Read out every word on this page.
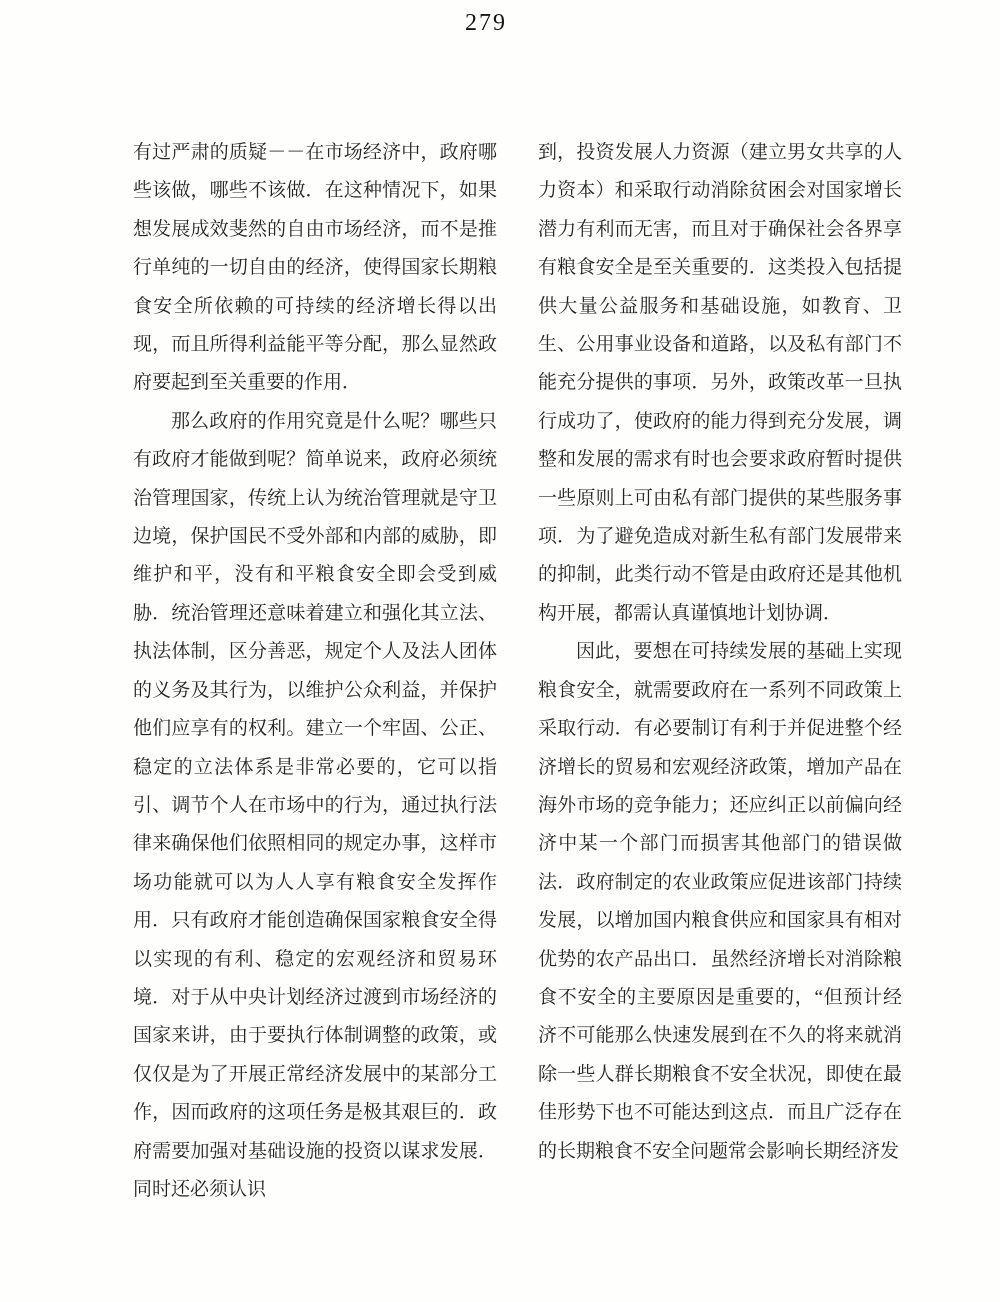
279

有过严肃的质疑－－在市场经济中，政府哪些该做，哪些不该做．在这种情况下，如果想发展成效斐然的自由市场经济，而不是推行单纯的一切自由的经济，使得国家长期粮食安全所依赖的可持续的经济增长得以出现，而且所得利益能平等分配，那么显然政府要起到至关重要的作用．

那么政府的作用究竟是什么呢？哪些只有政府才能做到呢？简单说来，政府必须统治管理国家，传统上认为统治管理就是守卫边境，保护国民不受外部和内部的威胁，即维护和平，没有和平粮食安全即会受到威胁．统治管理还意味着建立和强化其立法、执法体制，区分善恶，规定个人及法人团体的义务及其行为，以维护公众利益，并保护他们应享有的权利。建立一个牢固、公正、稳定的立法体系是非常必要的，它可以指引、调节个人在市场中的行为，通过执行法律来确保他们依照相同的规定办事，这样市场功能就可以为人人享有粮食安全发挥作用．只有政府才能创造确保国家粮食安全得以实现的有利、稳定的宏观经济和贸易环境．对于从中央计划经济过渡到市场经济的国家来讲，由于要执行体制调整的政策，或仅仅是为了开展正常经济发展中的某部分工作，因而政府的这项任务是极其艰巨的．政府需要加强对基础设施的投资以谋求发展．同时还必须认识

到，投资发展人力资源（建立男女共享的人力资本）和采取行动消除贫困会对国家增长潜力有利而无害，而且对于确保社会各界享有粮食安全是至关重要的．这类投入包括提供大量公益服务和基础设施，如教育、卫生、公用事业设备和道路，以及私有部门不能充分提供的事项．另外，政策改革一旦执行成功了，使政府的能力得到充分发展，调整和发展的需求有时也会要求政府暂时提供一些原则上可由私有部门提供的某些服务事项．为了避免造成对新生私有部门发展带来的抑制，此类行动不管是由政府还是其他机构开展，都需认真谨慎地计划协调．

因此，要想在可持续发展的基础上实现粮食安全，就需要政府在一系列不同政策上采取行动．有必要制订有利于并促进整个经济增长的贸易和宏观经济政策，增加产品在海外市场的竞争能力；还应纠正以前偏向经济中某一个部门而损害其他部门的错误做法．政府制定的农业政策应促进该部门持续发展，以增加国内粮食供应和国家具有相对优势的农产品出口．虽然经济增长对消除粮食不安全的主要原因是重要的，“但预计经济不可能那么快速发展到在不久的将来就消除一些人群长期粮食不安全状况，即使在最佳形势下也不可能达到这点．而且广泛存在的长期粮食不安全问题常会影响长期经济发
